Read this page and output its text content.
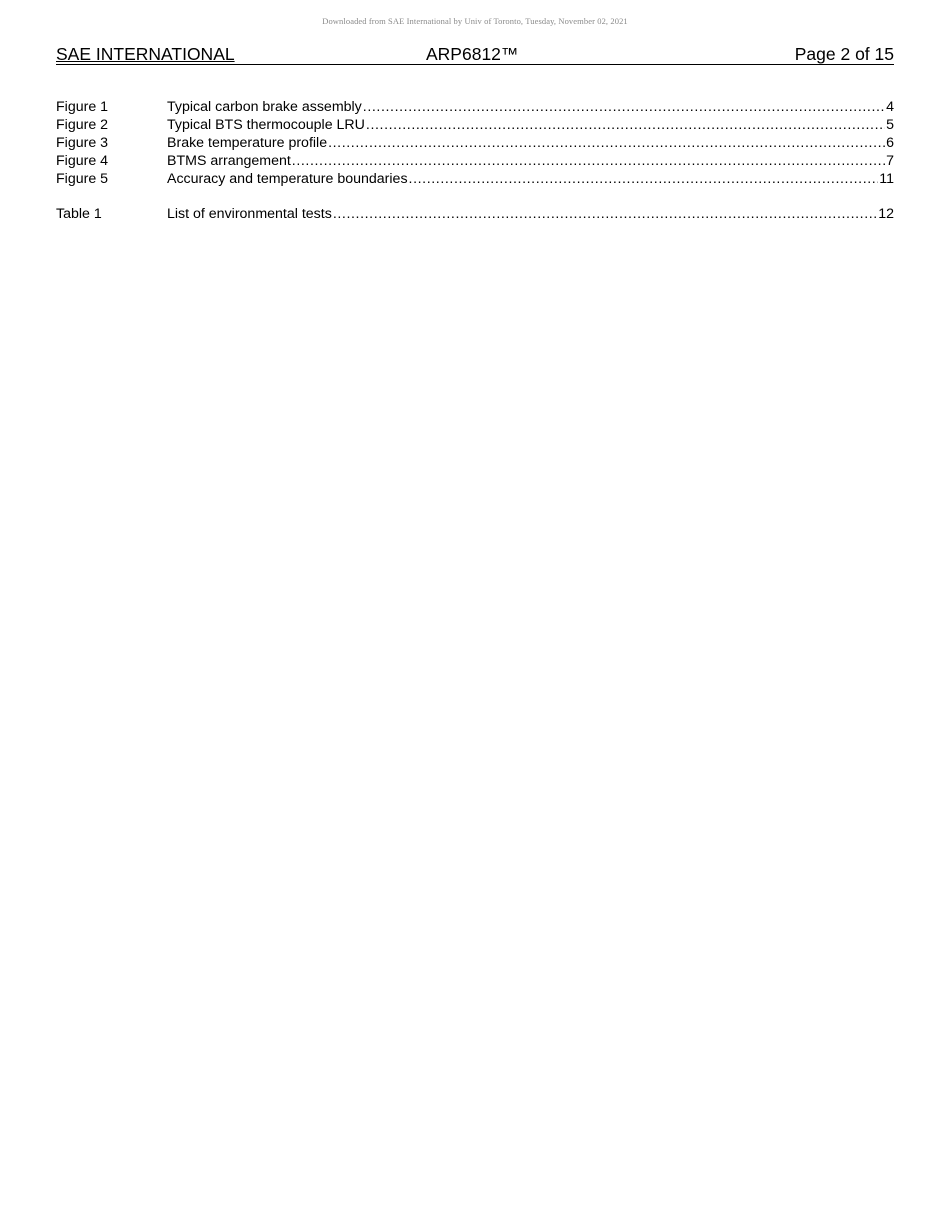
Downloaded from SAE International by Univ of Toronto, Tuesday, November 02, 2021
SAE INTERNATIONAL	ARP6812™	Page 2 of 15
Figure 1	Typical carbon brake assembly .....	4
Figure 2	Typical BTS thermocouple LRU .....	5
Figure 3	Brake temperature profile .....	6
Figure 4	BTMS arrangement .....	7
Figure 5	Accuracy and temperature boundaries .....	11
Table 1	List of environmental tests .....	12
